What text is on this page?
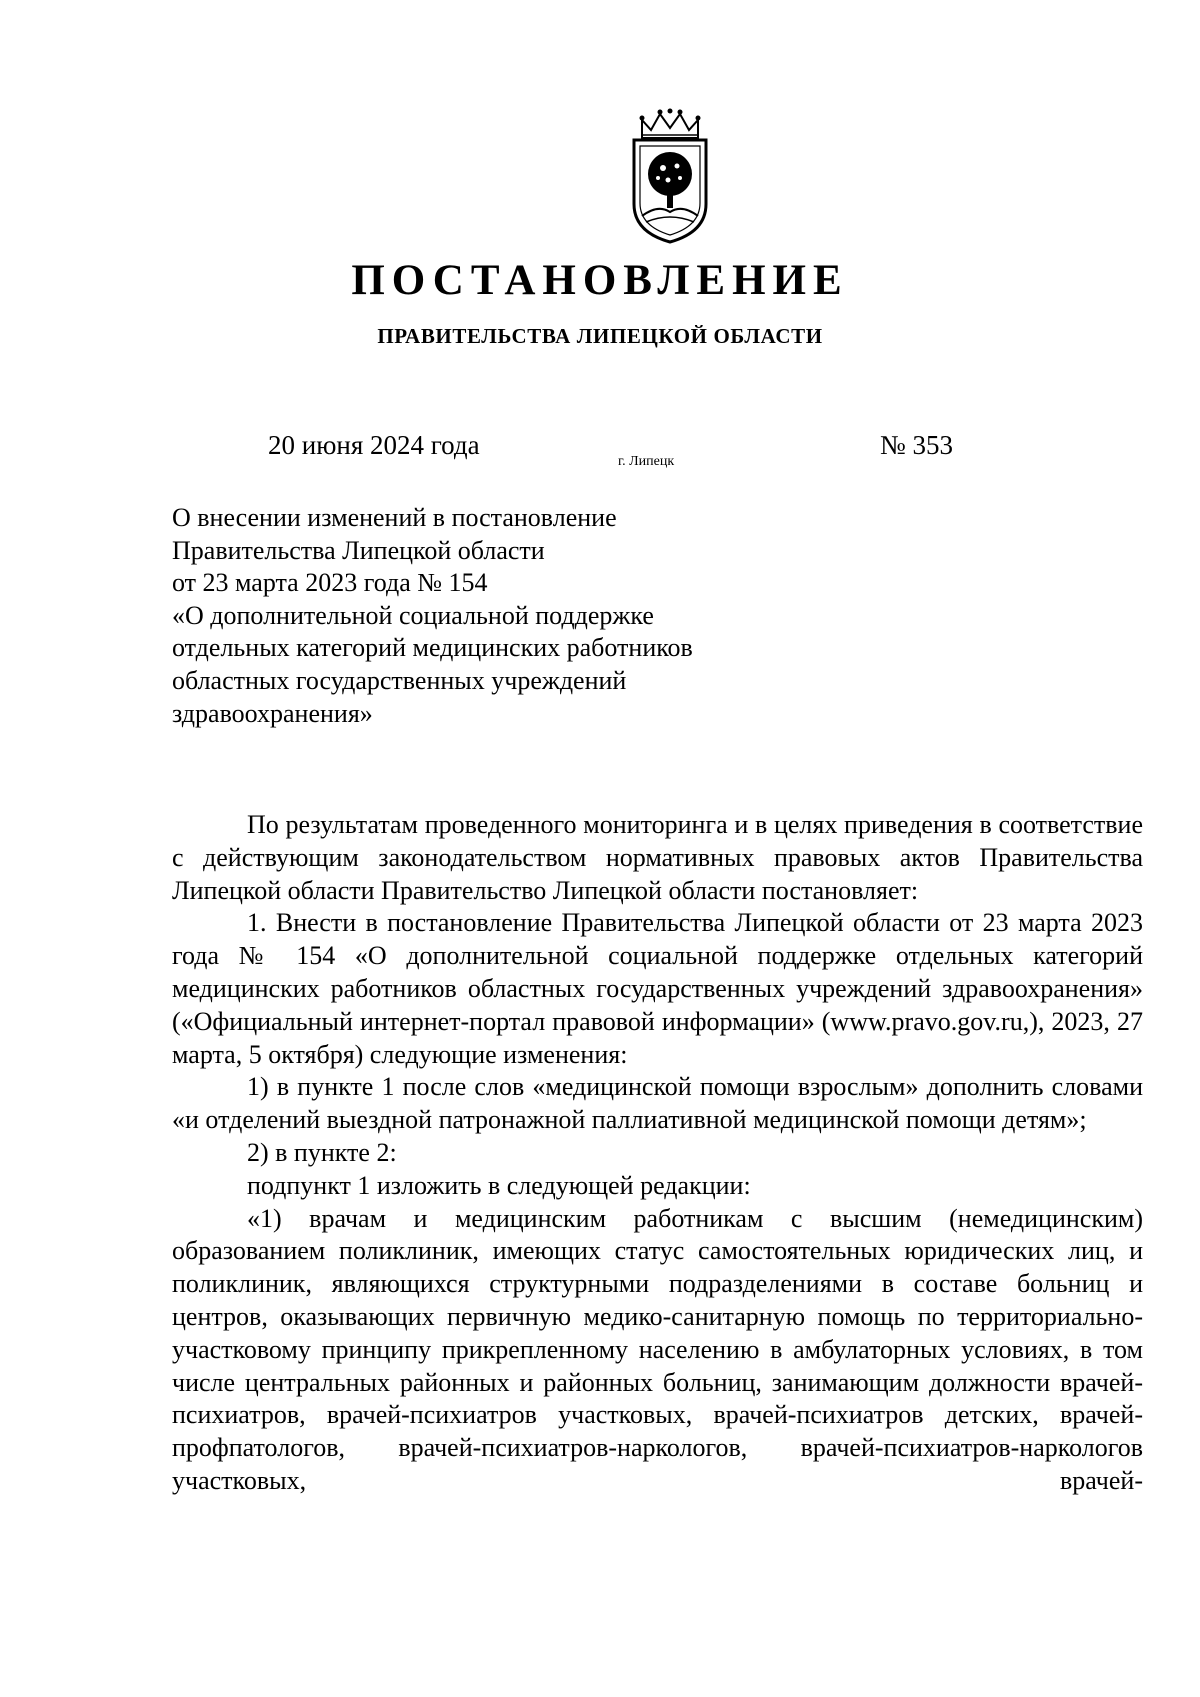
ПОСТАНОВЛЕНИЕ
ПРАВИТЕЛЬСТВА ЛИПЕЦКОЙ ОБЛАСТИ
20 июня 2024 года
г. Липецк
№ 353
О внесении изменений в постановление
Правительства Липецкой области
от 23 марта 2023 года № 154
«О дополнительной социальной поддержке
отдельных категорий медицинских работников
областных государственных учреждений
здравоохранения»

По результатам проведенного мониторинга и в целях приведения в соответствие с действующим законодательством нормативных правовых актов Правительства Липецкой области Правительство Липецкой области постановляет:

1. Внести в постановление Правительства Липецкой области от 23 марта 2023 года № 154 «О дополнительной социальной поддержке отдельных категорий медицинских работников областных государственных учреждений здравоохранения» («Официальный интернет-портал правовой информации» (www.pravo.gov.ru,), 2023, 27 марта, 5 октября) следующие изменения:

1) в пункте 1 после слов «медицинской помощи взрослым» дополнить словами «и отделений выездной патронажной паллиативной медицинской помощи детям»;

2) в пункте 2:

подпункт 1 изложить в следующей редакции:

«1) врачам и медицинским работникам с высшим (немедицинским) образованием поликлиник, имеющих статус самостоятельных юридических лиц, и поликлиник, являющихся структурными подразделениями в составе больниц и центров, оказывающих первичную медико-санитарную помощь по территориально-участковому принципу прикрепленному населению в амбулаторных условиях, в том числе центральных районных и районных больниц, занимающим должности врачей-психиатров, врачей-психиатров участковых, врачей-психиатров детских, врачей-профпатологов, врачей-психиатров-наркологов, врачей-психиатров-наркологов участковых, врачей-
